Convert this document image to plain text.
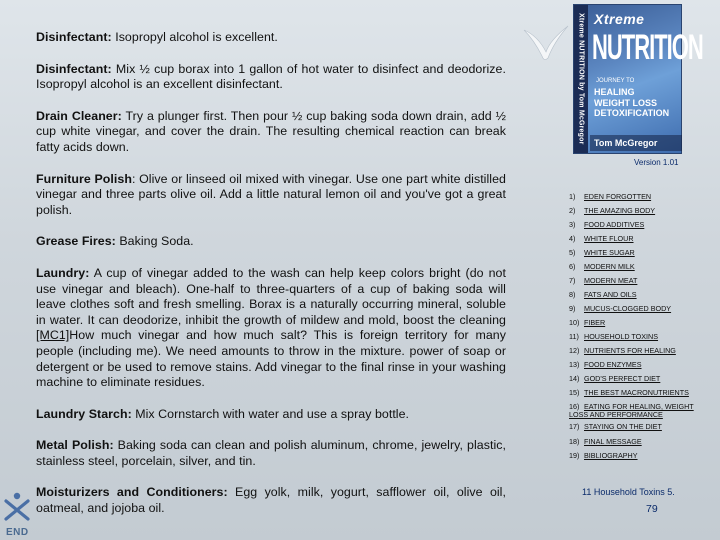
Disinfectant: Isopropyl alcohol is excellent.

Disinfectant: Mix ½ cup borax into 1 gallon of hot water to disinfect and deodorize. Isopropyl alcohol is an excellent disinfectant.

Drain Cleaner: Try a plunger first. Then pour ½ cup baking soda down drain, add ½ cup white vinegar, and cover the drain. The resulting chemical reaction can break fatty acids down.

Furniture Polish: Olive or linseed oil mixed with vinegar. Use one part white distilled vinegar and three parts olive oil. Add a little natural lemon oil and you've got a great polish.

Grease Fires: Baking Soda.

Laundry: A cup of vinegar added to the wash can help keep colors bright (do not use vinegar and bleach). One-half to three-quarters of a cup of baking soda will leave clothes soft and fresh smelling. Borax is a naturally occurring mineral, soluble in water. It can deodorize, inhibit the growth of mildew and mold, boost the cleaning [MC1]How much vinegar and how much salt? This is foreign territory for many people (including me). We need amounts to throw in the mixture. power of soap or detergent or be used to remove stains. Add vinegar to the final rinse in your washing machine to eliminate residues.

Laundry Starch: Mix Cornstarch with water and use a spray bottle.

Metal Polish: Baking soda can clean and polish aluminum, chrome, jewelry, plastic, stainless steel, porcelain, silver, and tin.

Moisturizers and Conditioners: Egg yolk, milk, yogurt, safflower oil, olive oil, oatmeal, and jojoba oil.

Xtreme NUTRITION by Tom McGregor Xtreme
NUTRITION
JOURNEY TO
HEALING
WEIGHT LOSS
DETOXIFICATION
Tom McGregor
Version 1.01
1) EDEN FORGOTTEN
2) THE AMAZING BODY
3) FOOD ADDITIVES
4) WHITE FLOUR
5) WHITE SUGAR
6) MODERN MILK
7) MODERN MEAT
8) FATS AND OILS
9) MUCUS-CLOGGED BODY
10) FIBER
11) HOUSEHOLD TOXINS
12) NUTRIENTS FOR HEALING
13) FOOD ENZYMES
14) GOD'S PERFECT DIET
15) THE BEST MACRONUTRIENTS
16) EATING FOR HEALING, WEIGHT LOSS AND PERFORMANCE
17) STAYING ON THE DIET
18) FINAL MESSAGE
19) BIBLIOGRAPHY
11 Household Toxins 5.
79
END
